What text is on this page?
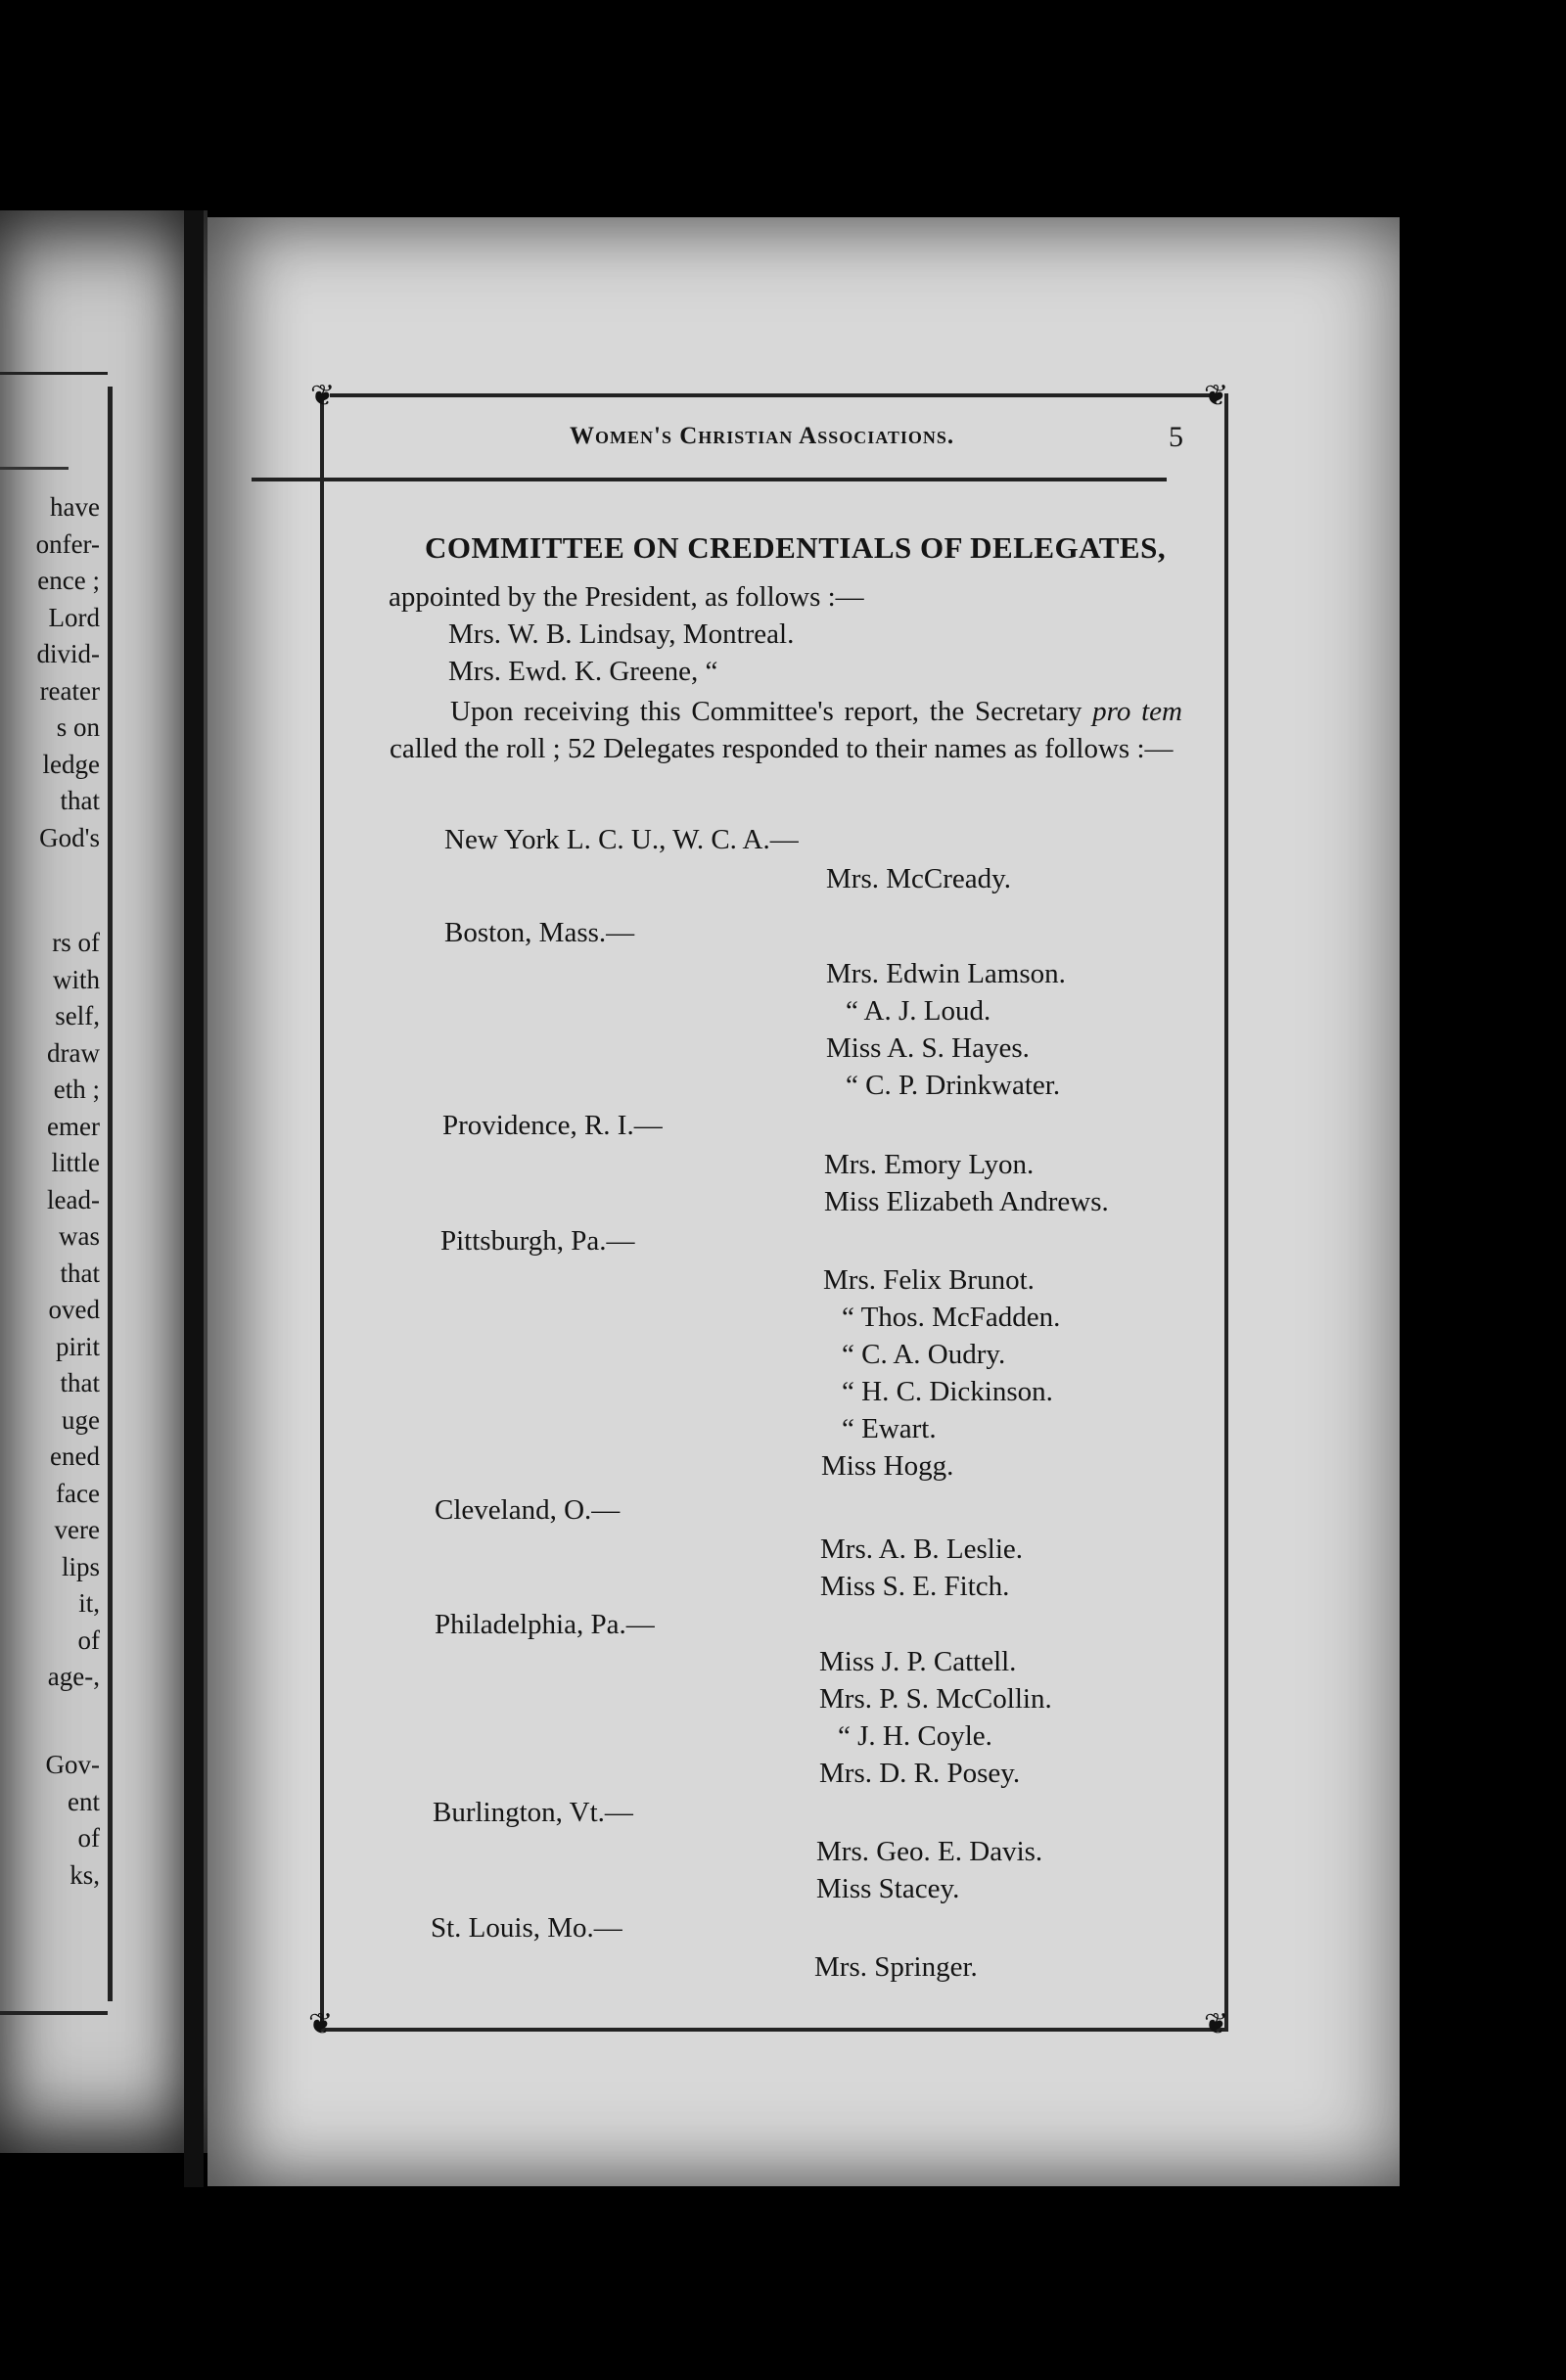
have
onfer-
ence ;
Lord
divid-
reater
s on
ledge
that
God's
rs of
with
self,
draw
eth ;
emer
little
lead-
was
that
oved
pirit
that
uge
ened
face
vere
lips
it,
of
age-,
Gov-
ent
of
ks,
❦	❦
❦	❦
Women's Christian Associations.	5
COMMITTEE ON CREDENTIALS OF DELEGATES,
appointed by the President, as follows :—
Mrs. W. B. Lindsay, Montreal.
Mrs. Ewd. K. Greene, “
Upon receiving this Committee's report, the Secretary pro tem called the roll ; 52 Delegates responded to their names as follows :—
New York L. C. U., W. C. A.—
Mrs. McCready.
Boston, Mass.—
Mrs. Edwin Lamson.
“ A. J. Loud.
Miss A. S. Hayes.
“ C. P. Drinkwater.
Providence, R. I.—
Mrs. Emory Lyon.
Miss Elizabeth Andrews.
Pittsburgh, Pa.—
Mrs. Felix Brunot.
“ Thos. McFadden.
“ C. A. Oudry.
“ H. C. Dickinson.
“ Ewart.
Miss Hogg.
Cleveland, O.—
Mrs. A. B. Leslie.
Miss S. E. Fitch.
Philadelphia, Pa.—
Miss J. P. Cattell.
Mrs. P. S. McCollin.
“ J. H. Coyle.
Mrs. D. R. Posey.
Burlington, Vt.—
Mrs. Geo. E. Davis.
Miss Stacey.
St. Louis, Mo.—
Mrs. Springer.
